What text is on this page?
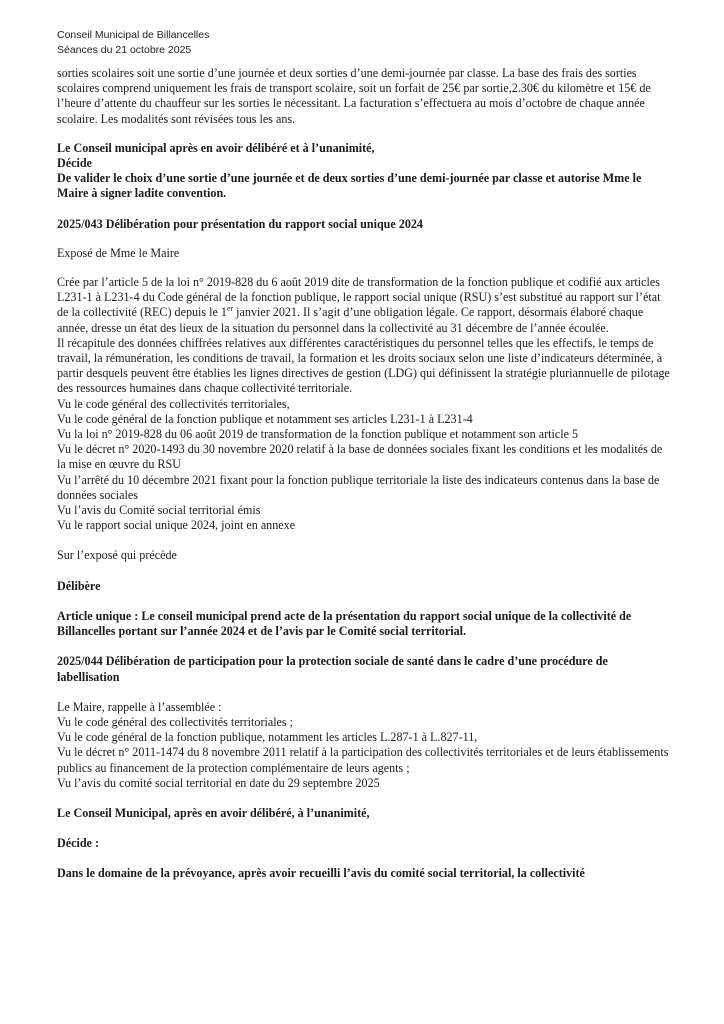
Conseil Municipal de Billancelles
Séances du 21 octobre 2025

sorties scolaires soit une sortie d’une journée et deux sorties d’une demi-journée par classe. La base des frais des sorties scolaires comprend uniquement les frais de transport scolaire, soit un forfait de 25€ par sortie,2.30€ du kilomètre et 15€ de l’heure d’attente du chauffeur sur les sorties le nécessitant. La facturation s’effectuera au mois d’octobre de chaque année scolaire. Les modalités sont révisées tous les ans.

Le Conseil municipal après en avoir délibéré et à l’unanimité,

Décide

De valider le choix d’une sortie d’une journée et de deux sorties d’une demi-journée par classe et autorise Mme le Maire à signer ladite convention.

2025/043 Délibération pour présentation du rapport social unique 2024

Exposé de Mme le Maire

Crée par l’article 5 de la loi n° 2019-828 du 6 août 2019 dite de transformation de la fonction publique et codifié aux articles L231-1 à L231-4 du Code général de la fonction publique, le rapport social unique (RSU) s’est substitué au rapport sur l’état de la collectivité (REC) depuis le 1er janvier 2021. Il s’agit d’une obligation légale. Ce rapport, désormais élaboré chaque année, dresse un état des lieux de la situation du personnel dans la collectivité au 31 décembre de l’année écoulée.

Il récapitule des données chiffrées relatives aux différentes caractéristiques du personnel telles que les effectifs, le temps de travail, la rémunération, les conditions de travail, la formation et les droits sociaux selon une liste d’indicateurs déterminée, à partir desquels peuvent être établies les lignes directives de gestion (LDG) qui définissent la stratégie pluriannuelle de pilotage des ressources humaines dans chaque collectivité territoriale.

Vu le code général des collectivités territoriales,

Vu le code général de la fonction publique et notamment ses articles L231-1 à L231-4

Vu la loi n° 2019-828 du 06 août 2019 de transformation de la fonction publique et notamment son article 5

Vu le décret n° 2020-1493 du 30 novembre 2020 relatif à la base de données sociales fixant les conditions et les modalités de la mise en œuvre du RSU

Vu l’arrêté du 10 décembre 2021 fixant pour la fonction publique territoriale la liste des indicateurs contenus dans la base de données sociales

Vu l’avis du Comité social territorial émis

Vu le rapport social unique 2024, joint en annexe

Sur l’exposé qui précède

Délibère

Article unique : Le conseil municipal prend acte de la présentation du rapport social unique de la collectivité de Billancelles portant sur l’année 2024 et de l’avis par le Comité social territorial.

2025/044 Délibération de participation pour la protection sociale de santé dans le cadre d’une procédure de labellisation

Le Maire, rappelle à l’assemblée :

Vu le code général des collectivités territoriales ;

Vu le code général de la fonction publique, notamment les articles L.287-1 à L.827-11,

Vu le décret n° 2011-1474 du 8 novembre 2011 relatif à la participation des collectivités territoriales et de leurs établissements publics au financement de la protection complémentaire de leurs agents ;

Vu l’avis du comité social territorial en date du 29 septembre 2025

Le Conseil Municipal, après en avoir délibéré, à l’unanimité,

Décide :

Dans le domaine de la prévoyance, après avoir recueilli l’avis du comité social territorial, la collectivité
